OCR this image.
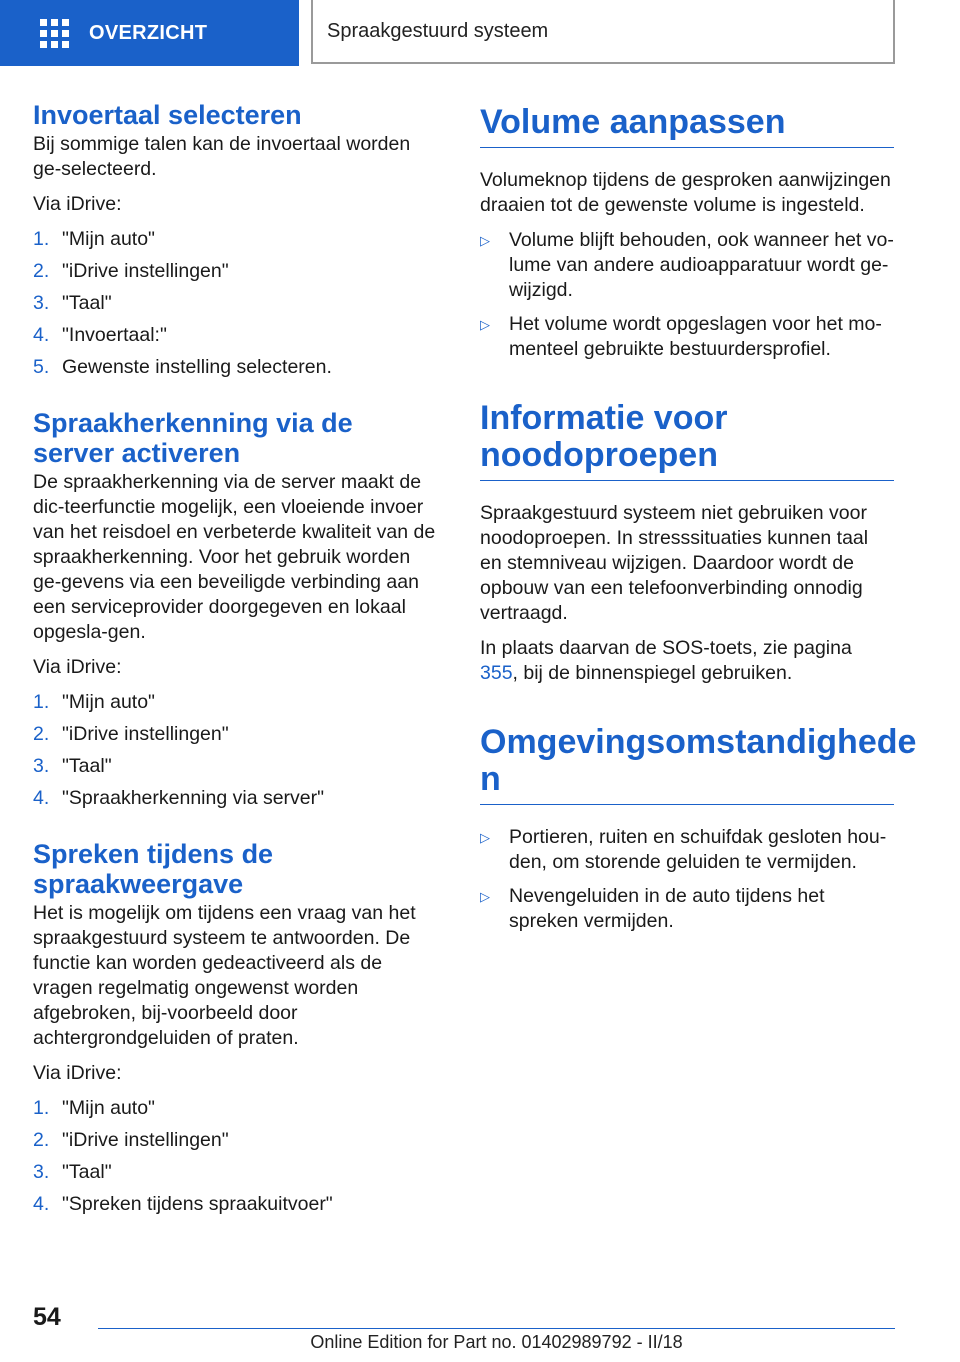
OVERZICHT	Spraakgestuurd systeem
Invoertaal selecteren

Bij sommige talen kan de invoertaal worden ge-selecteerd.

Via iDrive:

1. "Mijn auto"
2. "iDrive instellingen"
3. "Taal"
4. "Invoertaal:"
5. Gewenste instelling selecteren.
Spraakherkenning via de server activeren

De spraakherkenning via de server maakt de dic-teerfunctie mogelijk, een vloeiende invoer van het reisdoel en verbeterde kwaliteit van de spraakherkenning. Voor het gebruik worden ge-gevens via een beveiligde verbinding aan een serviceprovider doorgegeven en lokaal opgesla-gen.

Via iDrive:

1. "Mijn auto"
2. "iDrive instellingen"
3. "Taal"
4. "Spraakherkenning via server"
Spreken tijdens de spraakweergave

Het is mogelijk om tijdens een vraag van het spraakgestuurd systeem te antwoorden. De functie kan worden gedeactiveerd als de vragen regelmatig ongewenst worden afgebroken, bij-voorbeeld door achtergrondgeluiden of praten.

Via iDrive:

1. "Mijn auto"
2. "iDrive instellingen"
3. "Taal"
4. "Spreken tijdens spraakuitvoer"
Volume aanpassen

Volumeknop tijdens de gesproken aanwijzingen draaien tot de gewenste volume is ingesteld.

▷ Volume blijft behouden, ook wanneer het vo-lume van andere audioapparatuur wordt ge-wijzigd.
▷ Het volume wordt opgeslagen voor het mo-menteel gebruikte bestuurdersprofiel.
Informatie voor noodoproepen

Spraakgestuurd systeem niet gebruiken voor noodoproepen. In stresssituaties kunnen taal en stemniveau wijzigen. Daardoor wordt de opbouw van een telefoonverbinding onnodig vertraagd.

In plaats daarvan de SOS-toets, zie pagina 355, bij de binnenspiegel gebruiken.

Omgevingsomstandighede n
▷ Portieren, ruiten en schuifdak gesloten hou-den, om storende geluiden te vermijden.
▷ Nevengeluiden in de auto tijdens het spreken vermijden.
54
Online Edition for Part no. 01402989792 - II/18
